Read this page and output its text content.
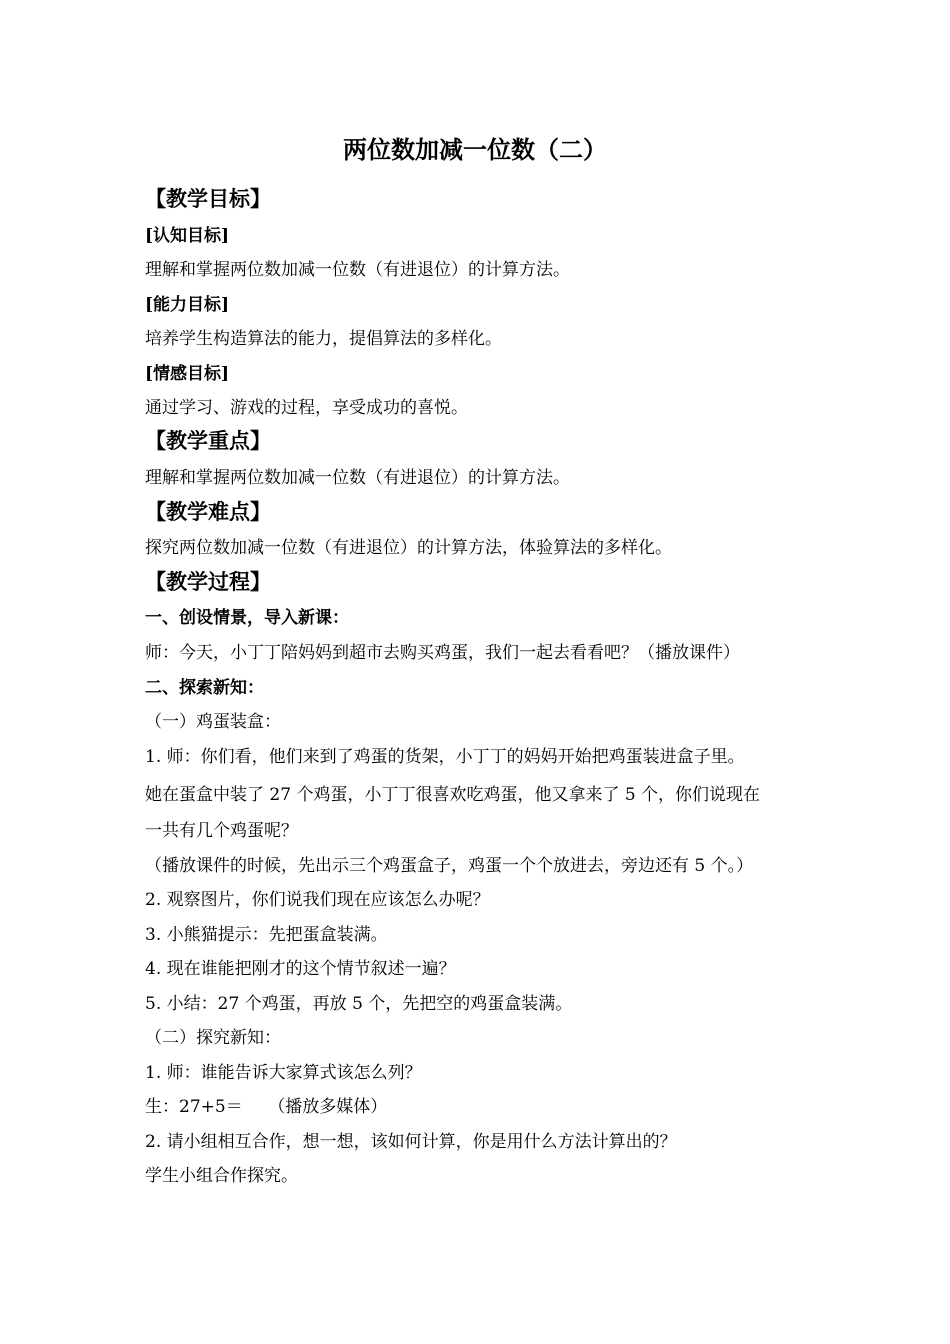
两位数加减一位数（二）
【教学目标】
[认知目标]
理解和掌握两位数加减一位数（有进退位）的计算方法。
[能力目标]
培养学生构造算法的能力，提倡算法的多样化。
[情感目标]
通过学习、游戏的过程，享受成功的喜悦。
【教学重点】
理解和掌握两位数加减一位数（有进退位）的计算方法。
【教学难点】
探究两位数加减一位数（有进退位）的计算方法，体验算法的多样化。
【教学过程】
一、创设情景，导入新课：
师：今天，小丁丁陪妈妈到超市去购买鸡蛋，我们一起去看看吧？（播放课件）
二、探索新知：
（一）鸡蛋装盒：
1. 师：你们看，他们来到了鸡蛋的货架，小丁丁的妈妈开始把鸡蛋装进盒子里。
她在蛋盒中装了 27 个鸡蛋，小丁丁很喜欢吃鸡蛋，他又拿来了 5 个，你们说现在
一共有几个鸡蛋呢？
（播放课件的时候，先出示三个鸡蛋盒子，鸡蛋一个个放进去，旁边还有 5 个。）
2. 观察图片，你们说我们现在应该怎么办呢？
3. 小熊猫提示：先把蛋盒装满。
4. 现在谁能把刚才的这个情节叙述一遍？
5. 小结：27 个鸡蛋，再放 5 个，先把空的鸡蛋盒装满。
（二）探究新知：
1. 师：谁能告诉大家算式该怎么列？
生：27+5＝　　（播放多媒体）
2. 请小组相互合作，想一想，该如何计算，你是用什么方法计算出的？
学生小组合作探究。
